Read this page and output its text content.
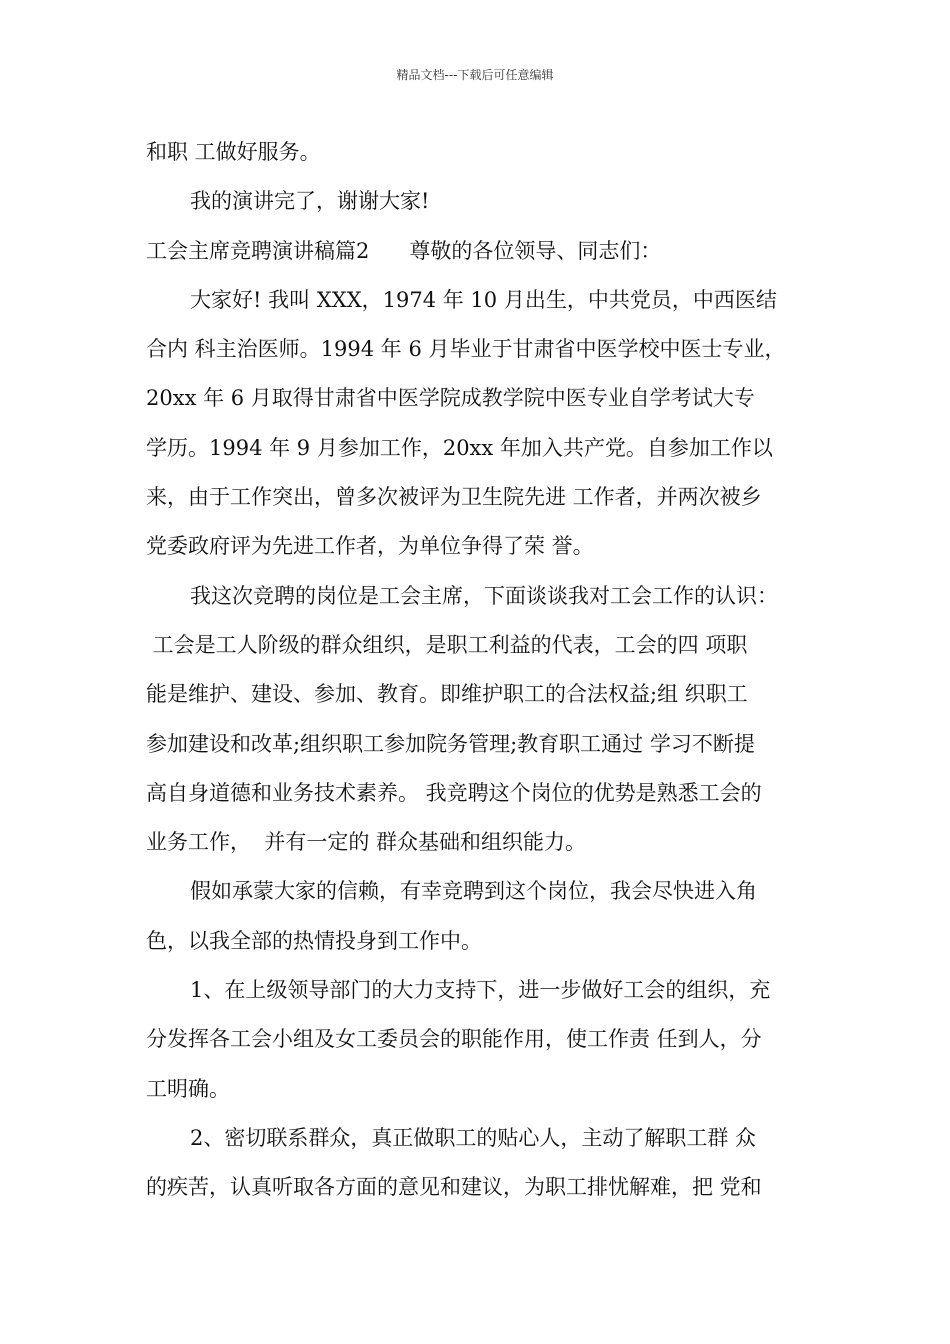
精品文档---下载后可任意编辑
和职 工做好服务。
我的演讲完了，谢谢大家!
工会主席竞聘演讲稿篇2      尊敬的各位领导、同志们：
大家好! 我叫 XXX，1974 年 10 月出生，中共党员，中西医结
合内 科主治医师。1994 年 6 月毕业于甘肃省中医学校中医士专业，
20xx 年 6 月取得甘肃省中医学院成教学院中医专业自学考试大专
学历。1994 年 9 月参加工作，20xx 年加入共产党。自参加工作以
来，由于工作突出，曾多次被评为卫生院先进 工作者，并两次被乡
党委政府评为先进工作者，为单位争得了荣 誉。
我这次竞聘的岗位是工会主席，下面谈谈我对工会工作的认识：
工会是工人阶级的群众组织，是职工利益的代表，工会的四 项职
能是维护、建设、参加、教育。即维护职工的合法权益;组 织职工
参加建设和改革;组织职工参加院务管理;教育职工通过 学习不断提
高自身道德和业务技术素养。 我竞聘这个岗位的优势是熟悉工会的
业务工作，  并有一定的 群众基础和组织能力。
假如承蒙大家的信赖，有幸竞聘到这个岗位，我会尽快进入角
色，以我全部的热情投身到工作中。
1、在上级领导部门的大力支持下，进一步做好工会的组织，充
分发挥各工会小组及女工委员会的职能作用，使工作责 任到人，分
工明确。
2、密切联系群众，真正做职工的贴心人，主动了解职工群 众
的疾苦，认真听取各方面的意见和建议，为职工排忧解难，把 党和
